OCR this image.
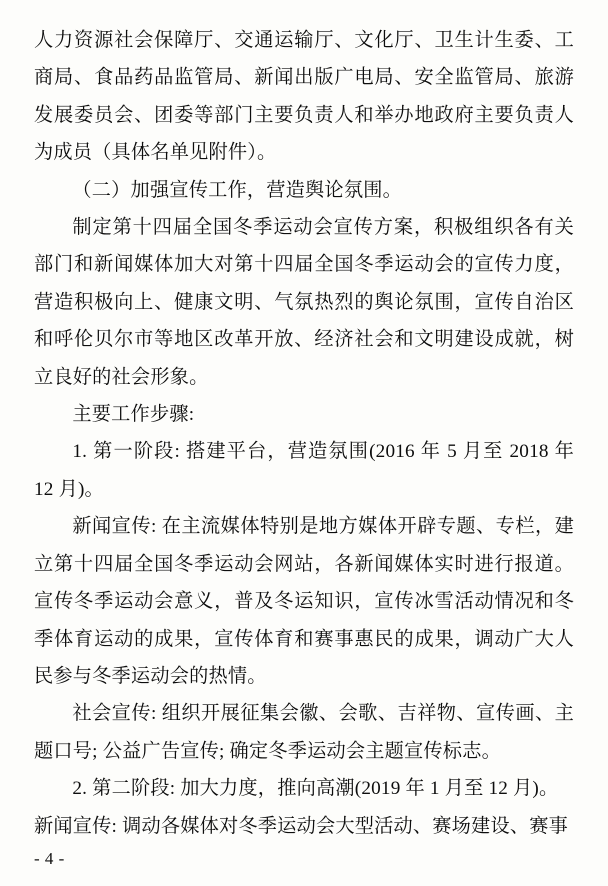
人力资源社会保障厅、交通运输厅、文化厅、卫生计生委、工商局、食品药品监管局、新闻出版广电局、安全监管局、旅游发展委员会、团委等部门主要负责人和举办地政府主要负责人为成员（具体名单见附件）。

（二）加强宣传工作，营造舆论氛围。

制定第十四届全国冬季运动会宣传方案，积极组织各有关部门和新闻媒体加大对第十四届全国冬季运动会的宣传力度，营造积极向上、健康文明、气氛热烈的舆论氛围，宣传自治区和呼伦贝尔市等地区改革开放、经济社会和文明建设成就，树立良好的社会形象。

主要工作步骤:

1. 第一阶段: 搭建平台，营造氛围(2016 年 5 月至 2018 年 12 月)。

新闻宣传: 在主流媒体特别是地方媒体开辟专题、专栏，建立第十四届全国冬季运动会网站，各新闻媒体实时进行报道。宣传冬季运动会意义，普及冬运知识，宣传冰雪活动情况和冬季体育运动的成果，宣传体育和赛事惠民的成果，调动广大人民参与冬季运动会的热情。

社会宣传: 组织开展征集会徽、会歌、吉祥物、宣传画、主题口号; 公益广告宣传; 确定冬季运动会主题宣传标志。

2. 第二阶段: 加大力度，推向高潮(2019 年 1 月至 12 月)。

新闻宣传: 调动各媒体对冬季运动会大型活动、赛场建设、赛事

- 4 -
